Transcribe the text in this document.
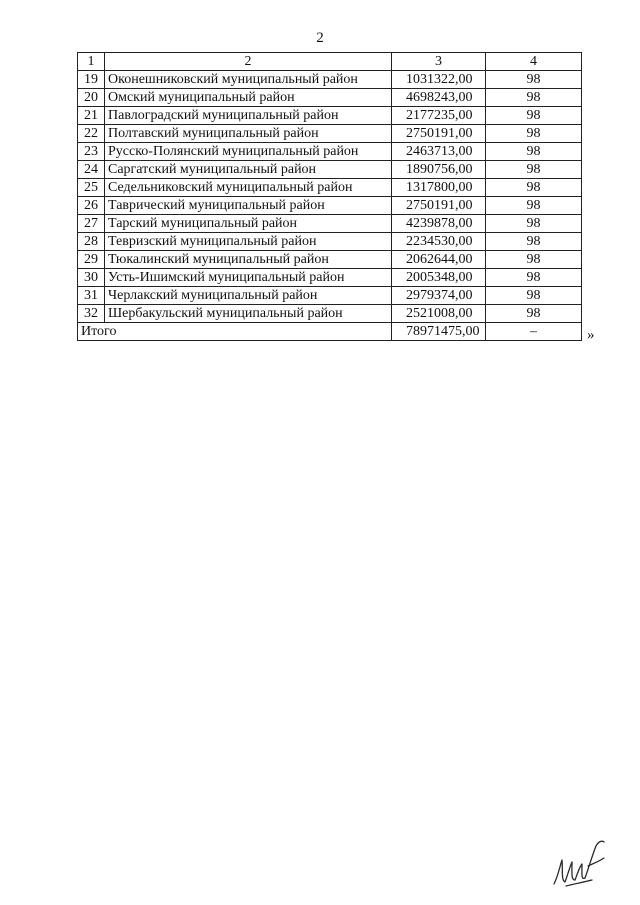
2
1	2	3	4
19	Оконешниковский муниципальный район	1031322,00	98
20	Омский муниципальный район	4698243,00	98
21	Павлоградский муниципальный район	2177235,00	98
22	Полтавский муниципальный район	2750191,00	98
23	Русско-Полянский муниципальный район	2463713,00	98
24	Саргатский муниципальный район	1890756,00	98
25	Седельниковский муниципальный район	1317800,00	98
26	Таврический муниципальный район	2750191,00	98
27	Тарский муниципальный район	4239878,00	98
28	Тевризский муниципальный район	2234530,00	98
29	Тюкалинский муниципальный район	2062644,00	98
30	Усть-Ишимский муниципальный район	2005348,00	98
31	Черлакский муниципальный район	2979374,00	98
32	Шербакульский муниципальный район	2521008,00	98
Итого		78971475,00	–	»
